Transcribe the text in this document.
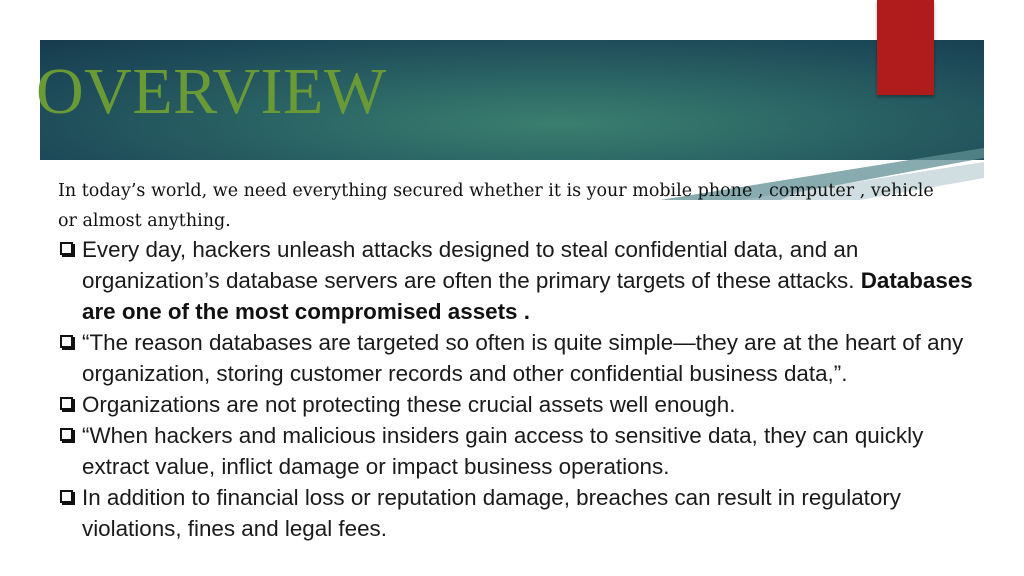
OVERVIEW

In today’s world, we need everything secured whether it is your mobile phone , computer , vehicle or almost anything.

Every day, hackers unleash attacks designed to steal confidential data, and an organization’s database servers are often the primary targets of these attacks. Databases are one of the most compromised assets .
“The reason databases are targeted so often is quite simple—they are at the heart of any organization, storing customer records and other confidential business data,”.
Organizations are not protecting these crucial assets well enough.
“When hackers and malicious insiders gain access to sensitive data, they can quickly extract value, inflict damage or impact business operations.
In addition to financial loss or reputation damage, breaches can result in regulatory violations, fines and legal fees.
